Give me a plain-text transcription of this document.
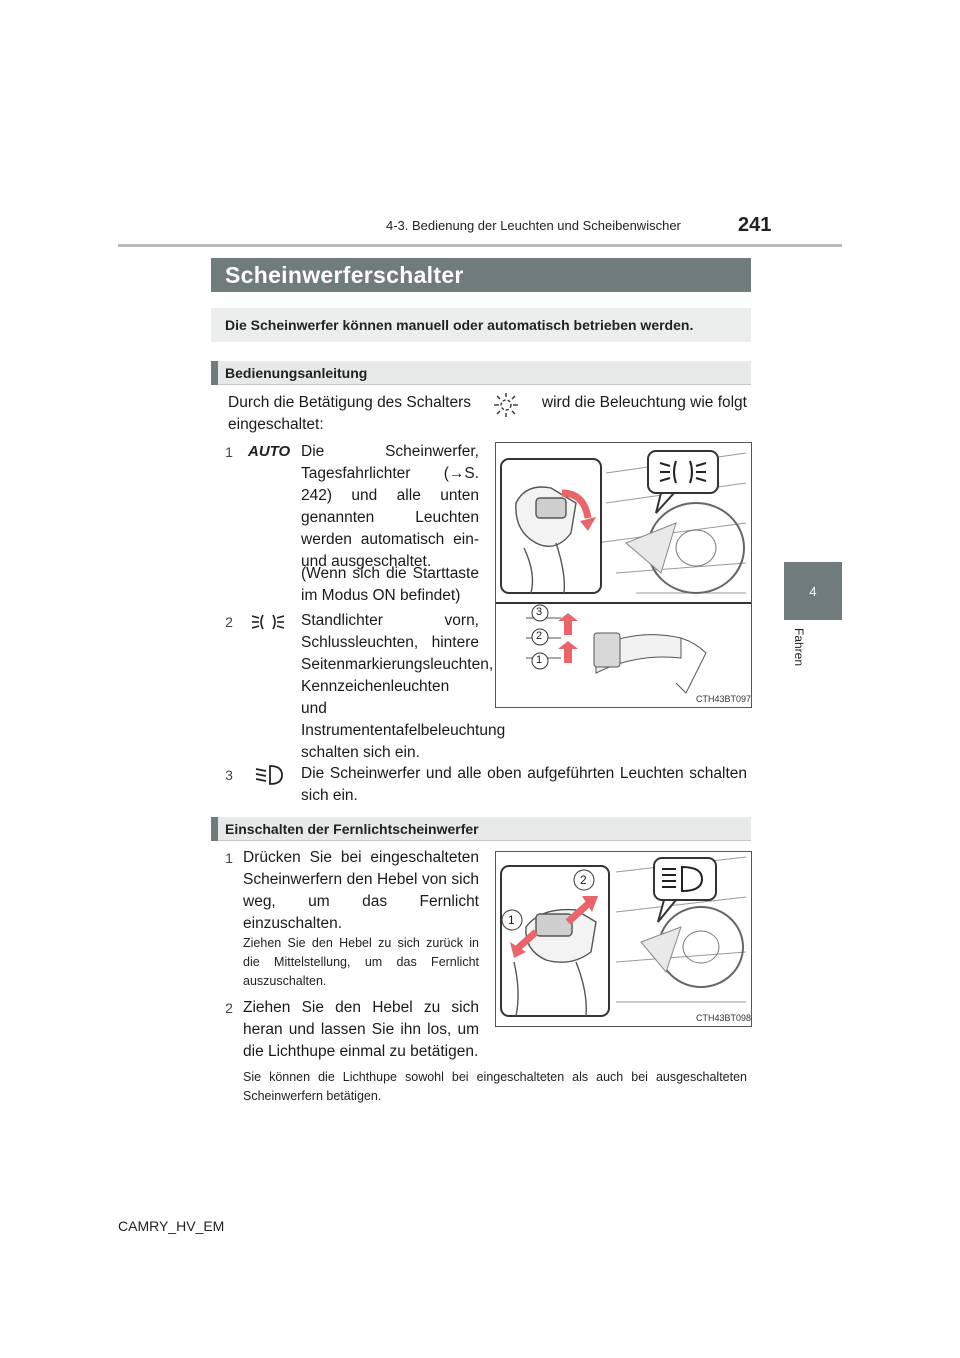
4-3. Bedienung der Leuchten und Scheibenwischer	241
4
Fahren
Scheinwerferschalter
Die Scheinwerfer können manuell oder automatisch betrieben werden.
Bedienungsanleitung
Durch die Betätigung des Schalters	wird die Beleuchtung wie folgt
eingeschaltet:
1 AUTO Die Scheinwerfer, Tagesfahrlichter (→S. 242) und alle unten genannten Leuchten werden automatisch ein- und ausgeschaltet.
(Wenn sich die Starttaste im Modus ON befindet)
2	Standlichter vorn, Schlussleuchten, hintere Seitenmarkierungsleuchten, Kennzeichenleuchten und Instrumententafelbeleuchtung schalten sich ein.
3
2
1
CTH43BT097
3	Die Scheinwerfer und alle oben aufgeführten Leuchten schalten sich ein.
Einschalten der Fernlichtscheinwerfer
1 Drücken Sie bei eingeschalteten Scheinwerfern den Hebel von sich weg, um das Fernlicht einzuschalten.
Ziehen Sie den Hebel zu sich zurück in die Mittelstellung, um das Fernlicht auszuschalten.
2 Ziehen Sie den Hebel zu sich heran und lassen Sie ihn los, um die Lichthupe einmal zu betätigen.
2
1
CTH43BT098
Sie können die Lichthupe sowohl bei eingeschalteten als auch bei ausgeschalteten Scheinwerfern betätigen.
CAMRY_HV_EM
